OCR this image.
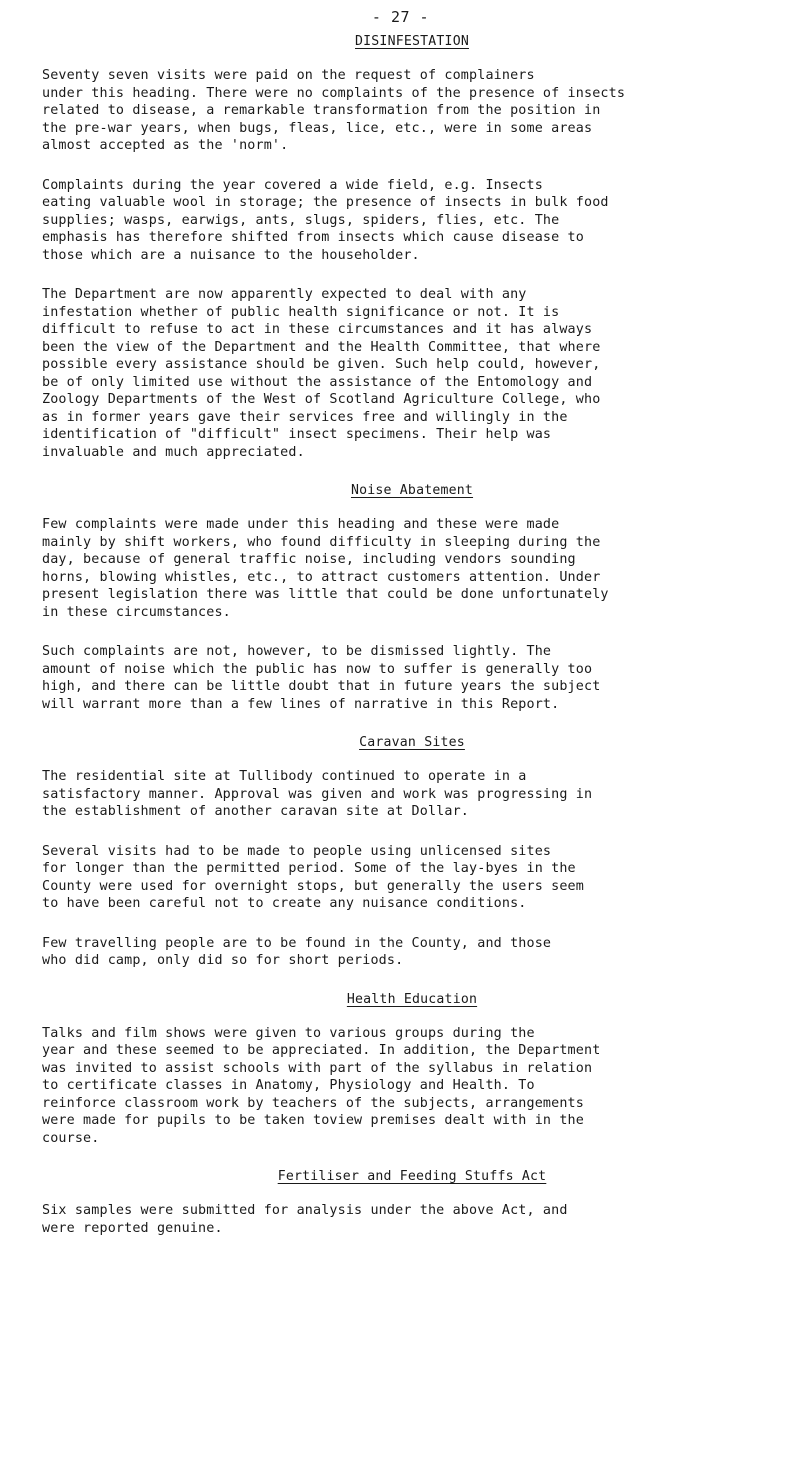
- 27 -
DISINFESTATION

Seventy seven visits were paid on the request of complainers
under this heading. There were no complaints of the presence of insects
related to disease, a remarkable transformation from the position in
the pre-war years, when bugs, fleas, lice, etc., were in some areas
almost accepted as the 'norm'.

Complaints during the year covered a wide field, e.g. Insects
eating valuable wool in storage; the presence of insects in bulk food
supplies; wasps, earwigs, ants, slugs, spiders, flies, etc. The
emphasis has therefore shifted from insects which cause disease to
those which are a nuisance to the householder.

The Department are now apparently expected to deal with any
infestation whether of public health significance or not. It is
difficult to refuse to act in these circumstances and it has always
been the view of the Department and the Health Committee, that where
possible every assistance should be given. Such help could, however,
be of only limited use without the assistance of the Entomology and
Zoology Departments of the West of Scotland Agriculture College, who
as in former years gave their services free and willingly in the
identification of "difficult" insect specimens. Their help was
invaluable and much appreciated.

Noise Abatement

Few complaints were made under this heading and these were made
mainly by shift workers, who found difficulty in sleeping during the
day, because of general traffic noise, including vendors sounding
horns, blowing whistles, etc., to attract customers attention. Under
present legislation there was little that could be done unfortunately
in these circumstances.

Such complaints are not, however, to be dismissed lightly. The
amount of noise which the public has now to suffer is generally too
high, and there can be little doubt that in future years the subject
will warrant more than a few lines of narrative in this Report.

Caravan Sites

The residential site at Tullibody continued to operate in a
satisfactory manner. Approval was given and work was progressing in
the establishment of another caravan site at Dollar.

Several visits had to be made to people using unlicensed sites
for longer than the permitted period. Some of the lay-byes in the
County were used for overnight stops, but generally the users seem
to have been careful not to create any nuisance conditions.

Few travelling people are to be found in the County, and those
who did camp, only did so for short periods.

Health Education

Talks and film shows were given to various groups during the
year and these seemed to be appreciated. In addition, the Department
was invited to assist schools with part of the syllabus in relation
to certificate classes in Anatomy, Physiology and Health. To
reinforce classroom work by teachers of the subjects, arrangements
were made for pupils to be taken toview premises dealt with in the
course.

Fertiliser and Feeding Stuffs Act

Six samples were submitted for analysis under the above Act, and
were reported genuine.
